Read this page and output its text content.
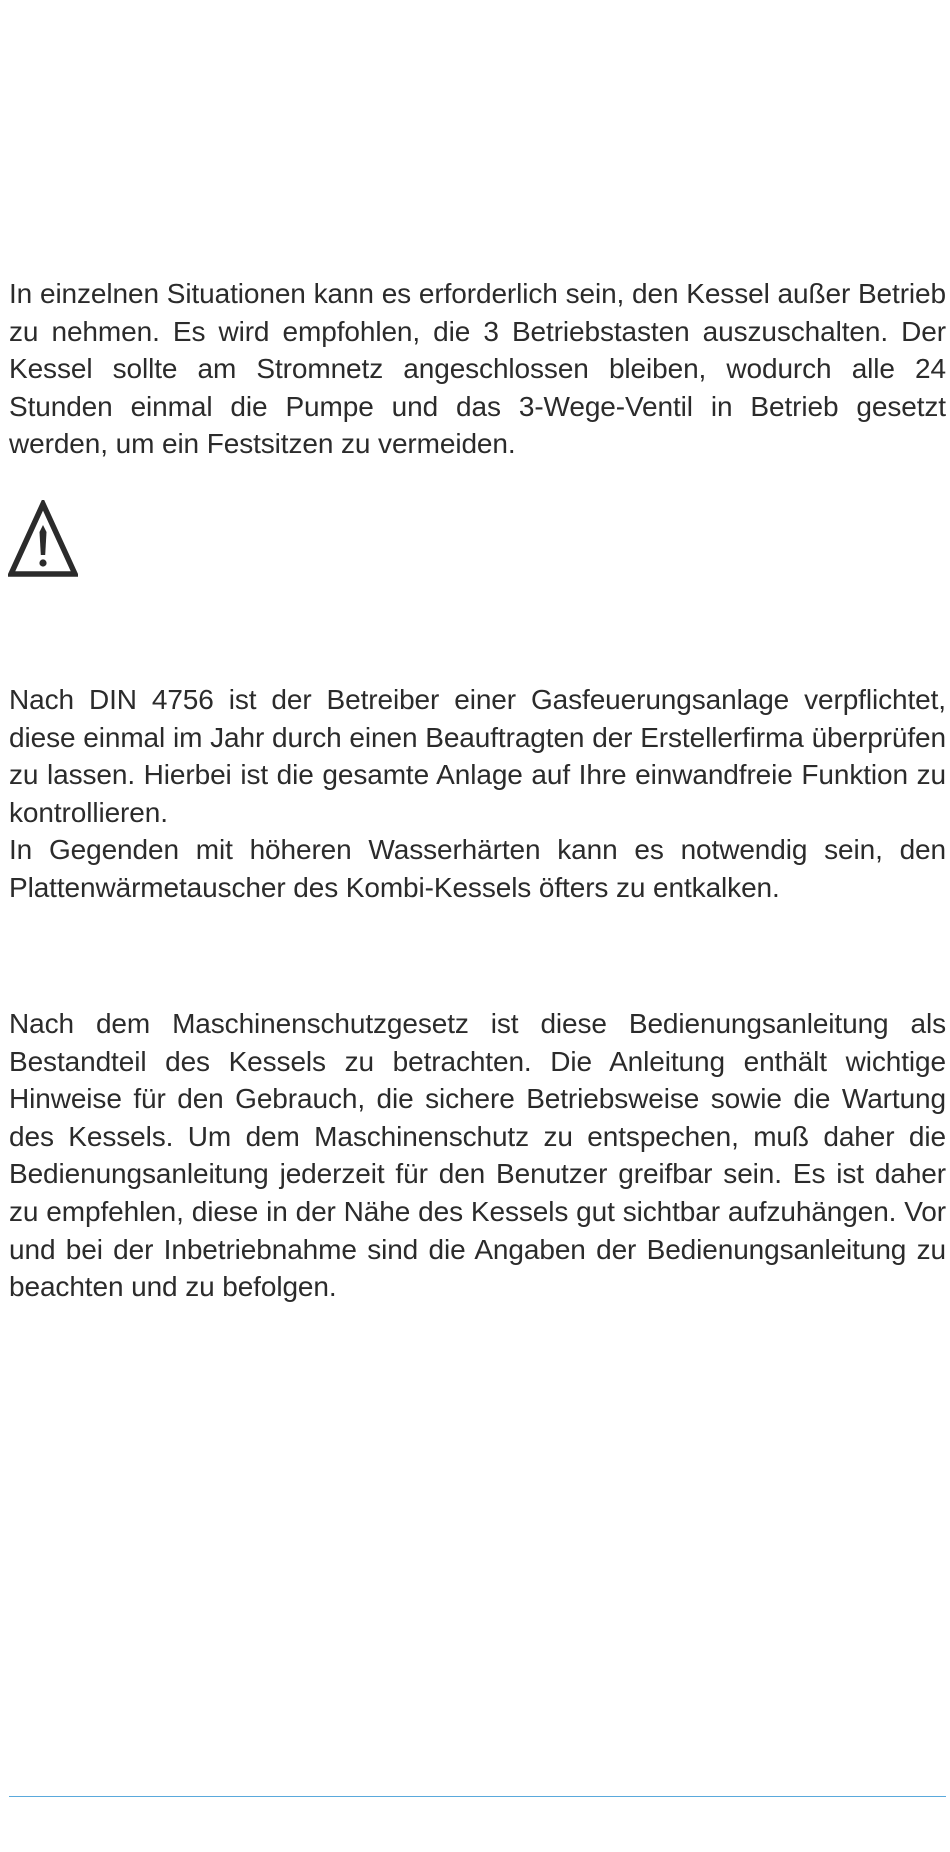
In einzelnen Situationen kann es erforderlich sein, den Kessel außer Betrieb zu nehmen. Es wird empfohlen, die 3 Betriebstasten auszuschalten. Der Kessel sollte am Stromnetz angeschlossen bleiben, wodurch alle 24 Stunden einmal die Pumpe und das 3-Wege-Ventil in Betrieb gesetzt werden, um ein Festsitzen zu vermeiden.

Nach DIN 4756 ist der Betreiber einer Gasfeuerungsanlage verpflichtet, diese einmal im Jahr durch einen Beauftragten der Erstellerfirma überprüfen zu lassen. Hierbei ist die gesamte Anlage auf Ihre einwandfreie Funktion zu kontrollieren.

In Gegenden mit höheren Wasserhärten kann es notwendig sein, den Plattenwärmetauscher des Kombi-Kessels öfters zu entkalken.

Nach dem Maschinenschutzgesetz ist diese Bedienungsanleitung als Bestandteil des Kessels zu betrachten. Die Anleitung enthält wichtige Hinweise für den Gebrauch, die sichere Betriebsweise sowie die Wartung des Kessels. Um dem Maschinenschutz zu entspechen, muß daher die Bedienungsanleitung jederzeit für den Benutzer greifbar sein. Es ist daher zu empfehlen, diese in der Nähe des Kessels gut sichtbar aufzuhängen. Vor und bei der Inbetriebnahme sind die Angaben der Bedienungsanleitung zu beachten und zu befolgen.
